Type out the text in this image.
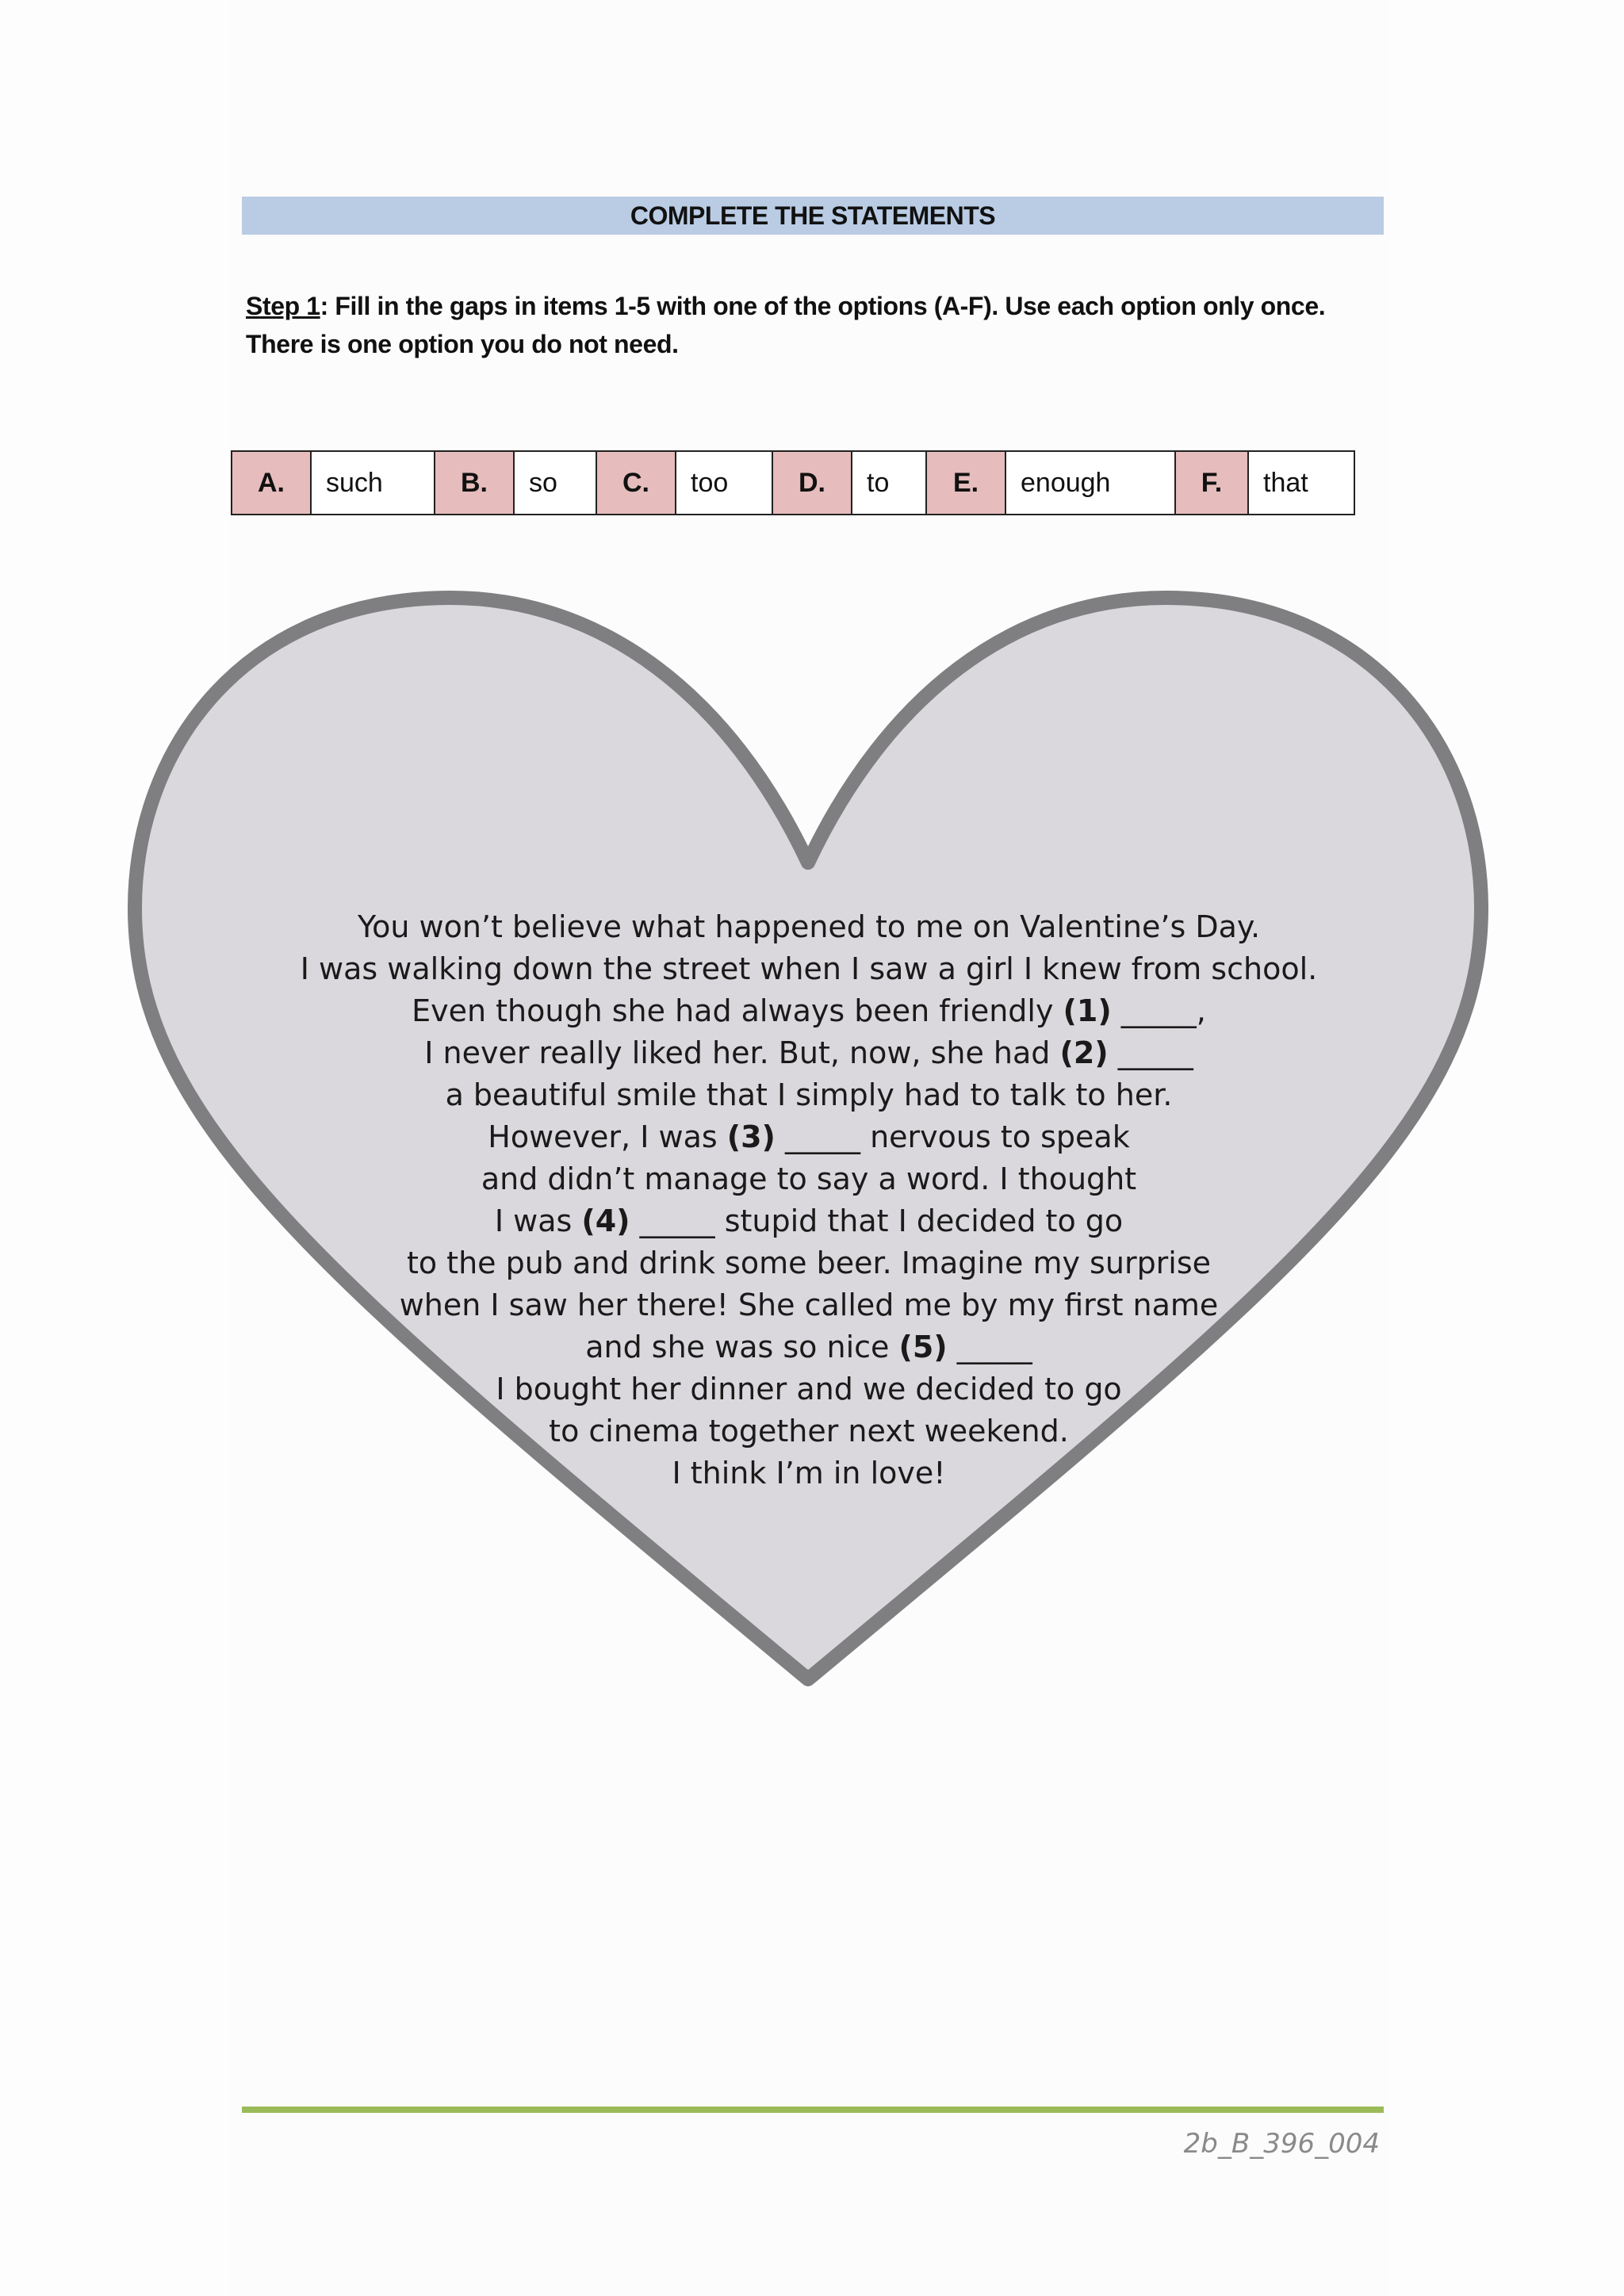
COMPLETE THE STATEMENTS
Step 1: Fill in the gaps in items 1-5 with one of the options (A-F). Use each option only once.
There is one option you do not need.
A.	such	B.	so	C.	too	D.	to	E.	enough	F.	that
You won’t believe what happened to me on Valentine’s Day.
I was walking down the street when I saw a girl I knew from school.
Even though she had always been friendly (1) _____,
I never really liked her. But, now, she had (2) _____
a beautiful smile that I simply had to talk to her.
However, I was (3) _____ nervous to speak
and didn’t manage to say a word. I thought
I was (4) _____ stupid that I decided to go
to the pub and drink some beer. Imagine my surprise
when I saw her there! She called me by my first name
and she was so nice (5) _____
I bought her dinner and we decided to go
to cinema together next weekend.
I think I’m in love!
2b_B_396_004
